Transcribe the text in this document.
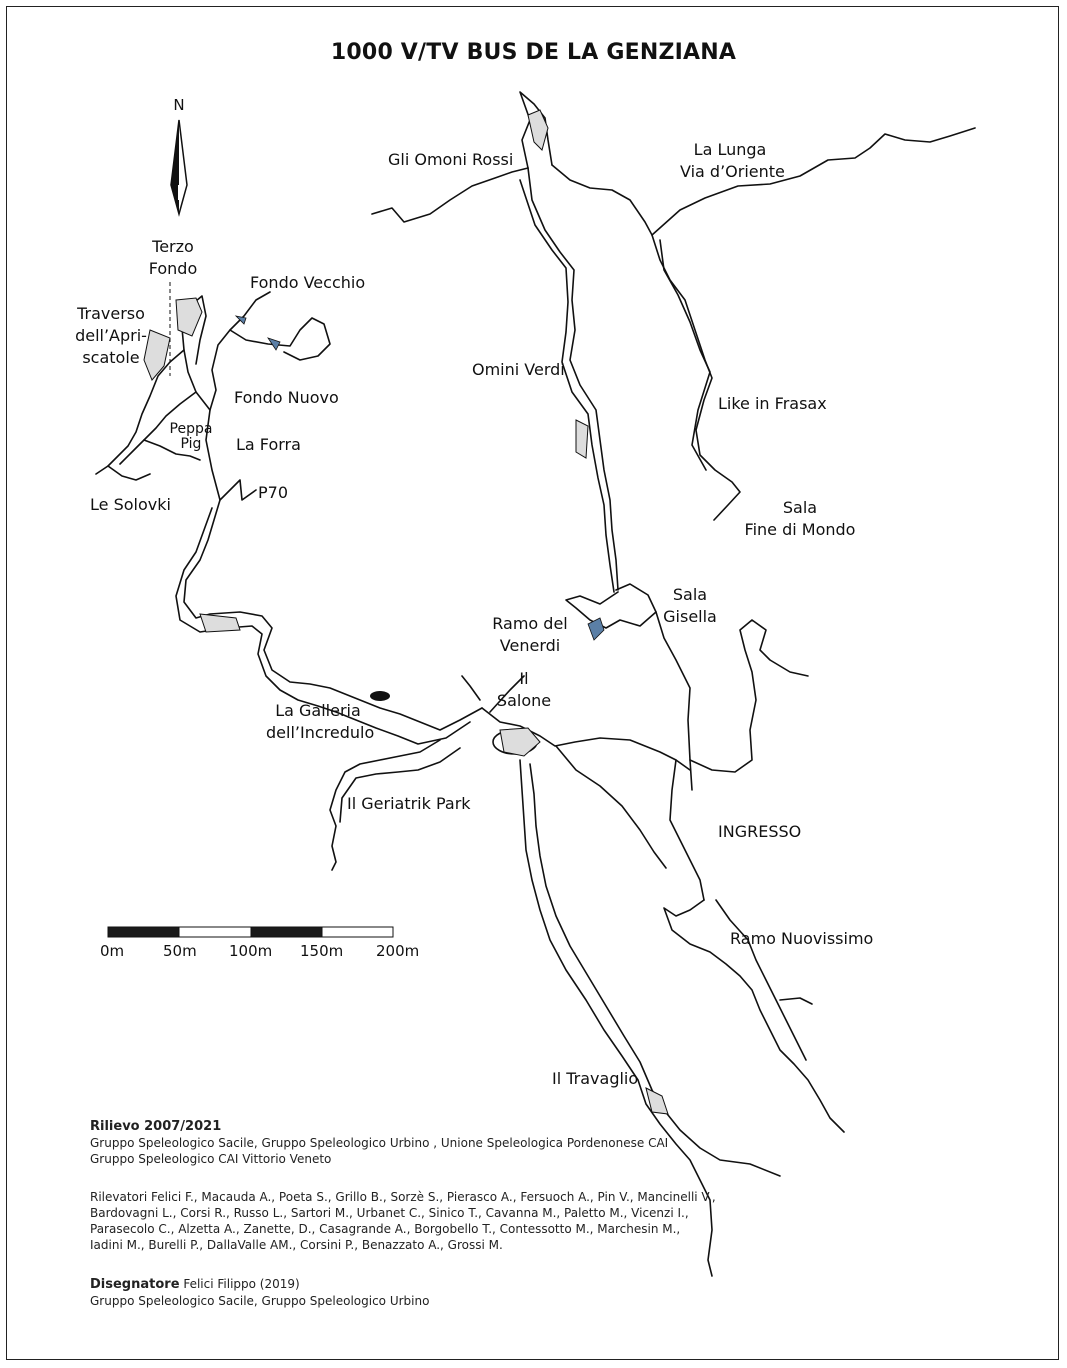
1000 V/TV BUS DE LA GENZIANA
N
Gli Omoni Rossi
La Lunga
Via d’Oriente
Terzo
Fondo
Fondo Vecchio
Traverso
dell’Apri-
scatole
Omini Verdi
Fondo Nuovo	Like in Frasax
Peppa
Pig	La Forra
P70
Le Solovki	Sala
Fine di Mondo
Sala
Gisella
Ramo del
Venerdi
Il
Salone
La Galleria
dell’Incredulo
Il Geriatrik Park
INGRESSO
Ramo Nuovissimo
Il Travaglio
0m	50m 100m 150m 200m
Rilievo 2007/2021
Gruppo Speleologico Sacile, Gruppo Speleologico Urbino , Unione Speleologica Pordenonese CAI
Gruppo Speleologico CAI Vittorio Veneto
Rilevatori Felici F., Macauda A., Poeta S., Grillo B., Sorzè S., Pierasco A., Fersuoch A., Pin V., Mancinelli V.,
Bardovagni L., Corsi R., Russo L., Sartori M., Urbanet C., Sinico T., Cavanna M., Paletto M., Vicenzi I.,
Parasecolo C., Alzetta A., Zanette, D., Casagrande A., Borgobello T., Contessotto M., Marchesin M.,
Iadini M., Burelli P., DallaValle AM., Corsini P., Benazzato A., Grossi M.
Disegnatore Felici Filippo (2019)
Gruppo Speleologico Sacile, Gruppo Speleologico Urbino
